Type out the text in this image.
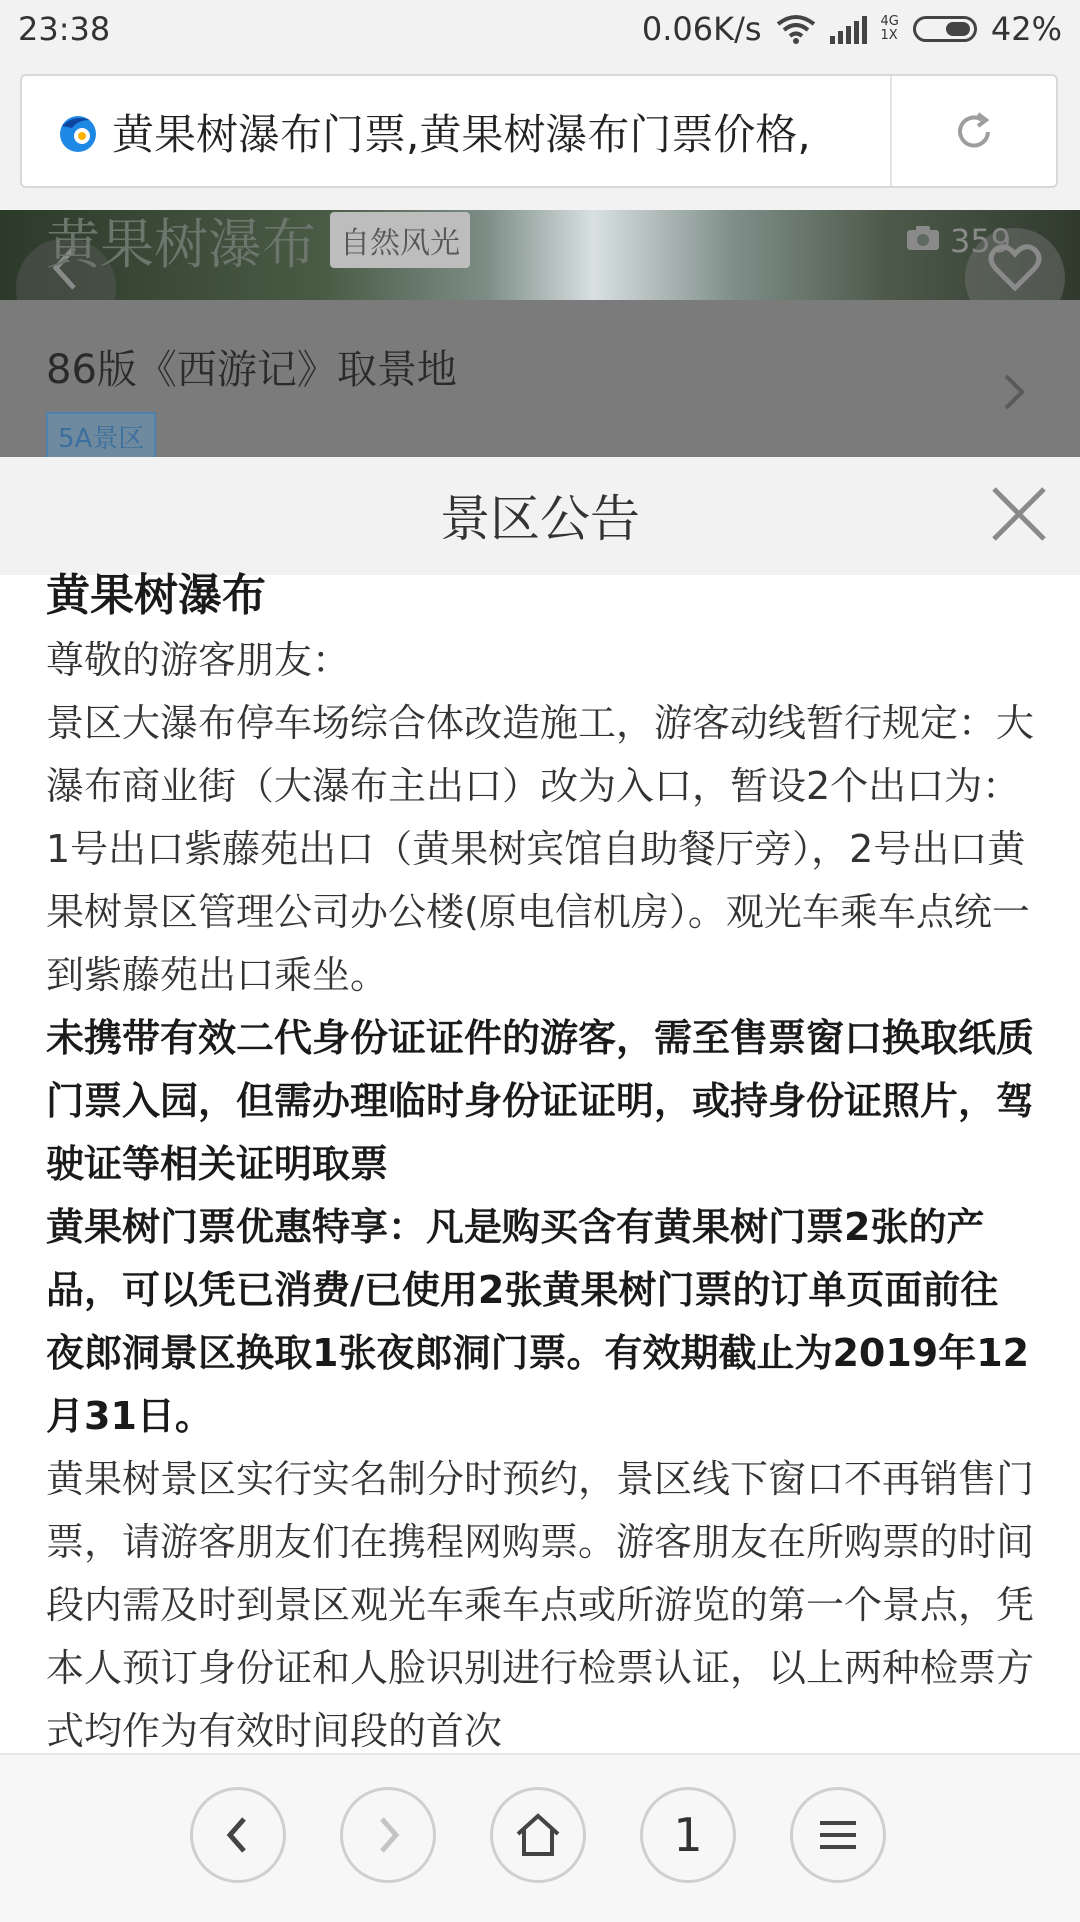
23:38	0.06K/s	4G
1X	42%
黄果树瀑布门票,黄果树瀑布门票价格,
黄果树瀑布 自然风光	359
86版《西游记》取景地
5A景区
景区公告
黄果树瀑布

尊敬的游客朋友：

景区大瀑布停车场综合体改造施工，游客动线暂行规定：大瀑布商业街（大瀑布主出口）改为入口，暂设2个出口为：1号出口紫藤苑出口（黄果树宾馆自助餐厅旁），2号出口黄果树景区管理公司办公楼(原电信机房）。观光车乘车点统一到紫藤苑出口乘坐。

未携带有效二代身份证证件的游客，需至售票窗口换取纸质门票入园，但需办理临时身份证证明，或持身份证照片，驾驶证等相关证明取票

黄果树门票优惠特享：凡是购买含有黄果树门票2张的产品，可以凭已消费/已使用2张黄果树门票的订单页面前往夜郎洞景区换取1张夜郎洞门票。有效期截止为2019年12月31日。

黄果树景区实行实名制分时预约，景区线下窗口不再销售门票，请游客朋友们在携程网购票。游客朋友在所购票的时间段内需及时到景区观光车乘车点或所游览的第一个景点，凭本人预订身份证和人脸识别进行检票认证，以上两种检票方式均作为有效时间段的首次

1
